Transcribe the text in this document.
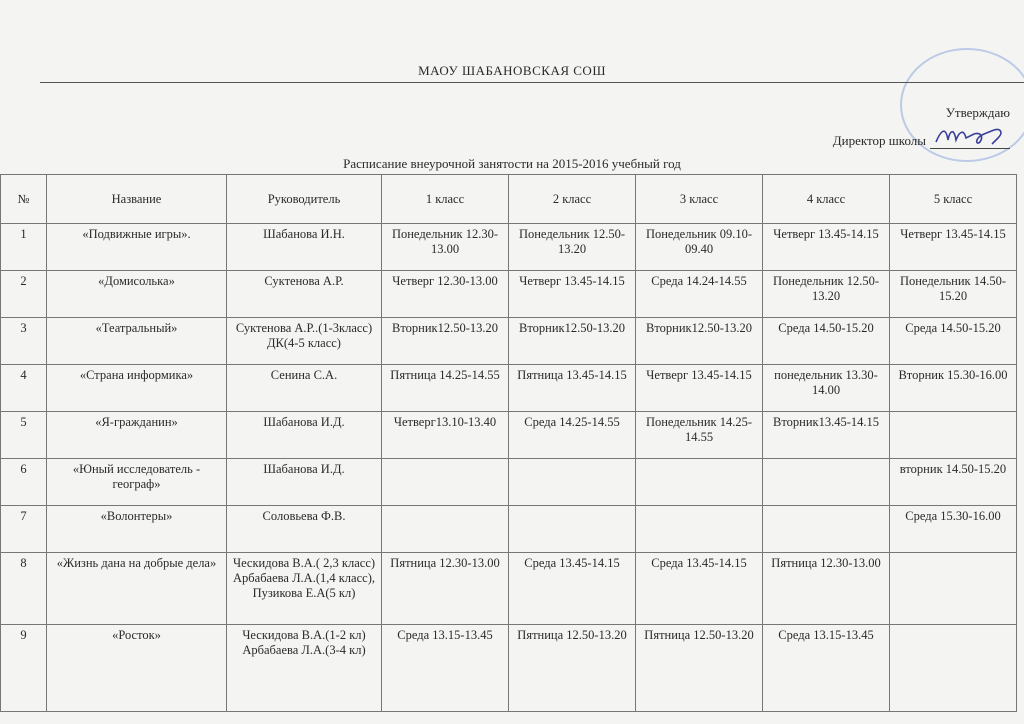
МАОУ ШАБАНОВСКАЯ СОШ
Утверждаю
Директор школы
Расписание внеурочной занятости на 2015-2016 учебный год
№	Название	Руководитель	1 класс	2 класс	3 класс	4 класс	5 класс
1	«Подвижные игры».	Шабанова И.Н.	Понедельник 12.30-13.00	Понедельник 12.50-13.20	Понедельник 09.10-09.40	Четверг 13.45-14.15	Четверг 13.45-14.15
2	«Домисолька»	Суктенова А.Р.	Четверг 12.30-13.00	Четверг 13.45-14.15	Среда 14.24-14.55	Понедельник 12.50-13.20	Понедельник 14.50-15.20
3	«Театральный»	Суктенова А.Р..(1-3класс) ДК(4-5 класс)	Вторник12.50-13.20	Вторник12.50-13.20	Вторник12.50-13.20	Среда 14.50-15.20	Среда 14.50-15.20
4	«Страна информика»	Сенина С.А.	Пятница 14.25-14.55	Пятница 13.45-14.15	Четверг 13.45-14.15	понедельник 13.30-14.00	Вторник 15.30-16.00
5	«Я-гражданин»	Шабанова И.Д.	Четверг13.10-13.40	Среда 14.25-14.55	Понедельник 14.25-14.55	Вторник13.45-14.15	
6	«Юный исследователь - географ»	Шабанова И.Д.					вторник 14.50-15.20
7	«Волонтеры»	Соловьева Ф.В.					Среда 15.30-16.00
8	«Жизнь дана на добрые дела»	Ческидова В.А.( 2,3 класс) Арбабаева Л.А.(1,4 класс), Пузикова Е.А(5 кл)	Пятница 12.30-13.00	Среда 13.45-14.15	Среда 13.45-14.15	Пятница 12.30-13.00	
9	«Росток»	Ческидова В.А.(1-2 кл) Арбабаева Л.А.(3-4 кл)	Среда 13.15-13.45	Пятница 12.50-13.20	Пятница 12.50-13.20	Среда 13.15-13.45	
